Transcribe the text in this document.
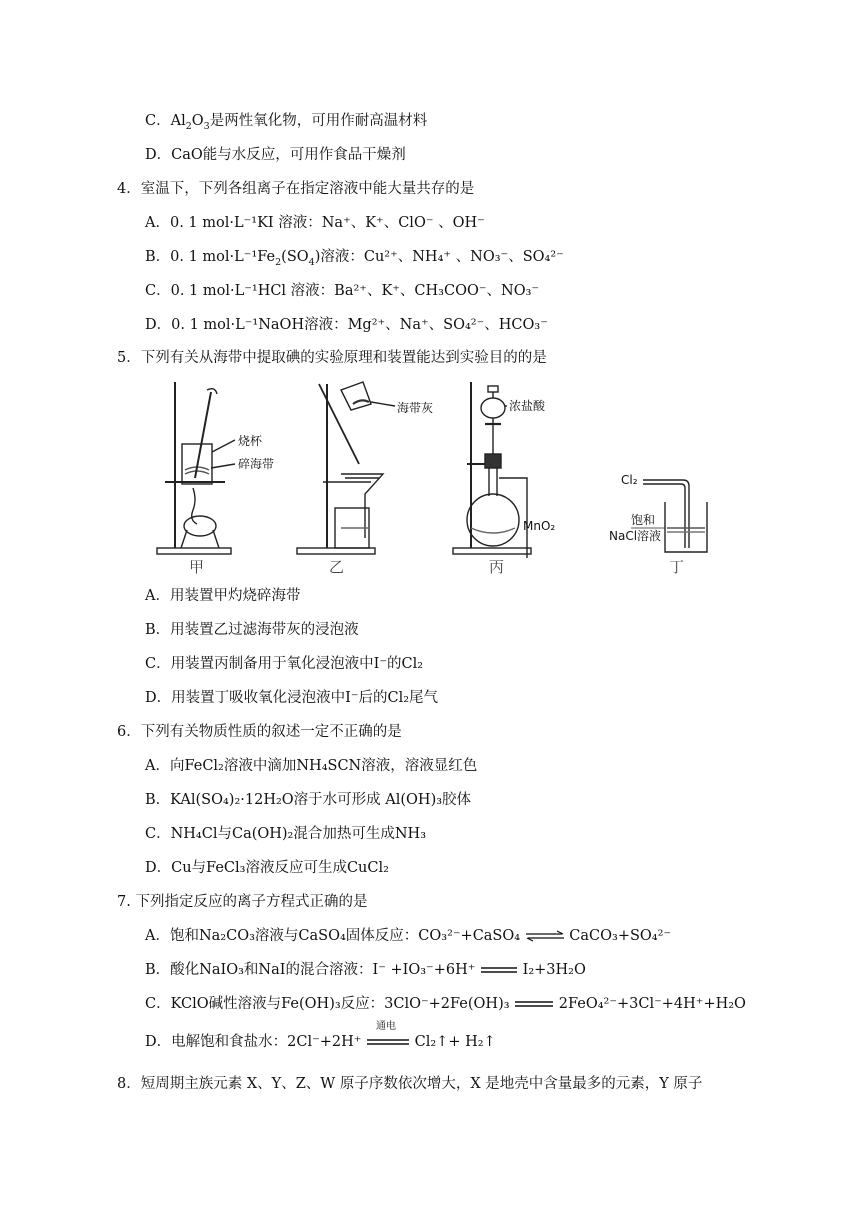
C．$Al_2O_3$是两性氧化物，可用作耐高温材料
D．CaO能与水反应，可用作食品干燥剂
4．室温下，下列各组离子在指定溶液中能大量共存的是
A．0. 1 mol·L⁻¹KI 溶液：Na⁺、K⁺、ClO⁻ 、OH⁻
B．0. 1 $mol\cdot L^{-1}Fe_2(SO_4)$溶液：Cu²⁺、NH₄⁺ 、NO₃⁻、SO₄²⁻
C．0. 1 mol·L⁻¹HCl 溶液：Ba²⁺、K⁺、CH₃COO⁻、NO₃⁻
D．0. 1 mol·L⁻¹NaOH溶液：Mg²⁺、Na⁺、SO₄²⁻、HCO₃⁻
5．下列有关从海带中提取碘的实验原理和装置能达到实验目的的是
烧杯
碎海带
海带灰	浓盐酸
MnO₂
Cl₂
饱和
NaCl溶液
甲	乙	丙	丁
A．用装置甲灼烧碎海带
B．用装置乙过滤海带灰的浸泡液
C．用装置丙制备用于氧化浸泡液中I⁻的Cl₂
D．用装置丁吸收氧化浸泡液中I⁻后的Cl₂尾气
6．下列有关物质性质的叙述一定不正确的是
A．向FeCl₂溶液中滴加NH₄SCN溶液，溶液显红色
B．KAl(SO₄)₂·12H₂O溶于水可形成 Al(OH)₃胶体
C．NH₄Cl与Ca(OH)₂混合加热可生成NH₃
D．Cu与FeCl₃溶液反应可生成CuCl₂
7. 下列指定反应的离子方程式正确的是
A．饱和Na₂CO₃溶液与CaSO₄固体反应：CO₃²⁻+CaSO₄ ⇌ CaCO₃+SO₄²⁻
B．酸化NaIO₃和NaI的混合溶液：I⁻ +IO₃⁻+6H⁺	I₂+3H₂O
C．KClO碱性溶液与Fe(OH)₃反应：3ClO⁻+2Fe(OH)₃	2FeO₄²⁻+3Cl⁻+4H⁺+H₂O
D．电解饱和食盐水：2Cl⁻+2H⁺
通电
Cl₂↑+ H₂↑
8．短周期主族元素 X、Y、Z、W 原子序数依次增大，X 是地壳中含量最多的元素，Y 原子
